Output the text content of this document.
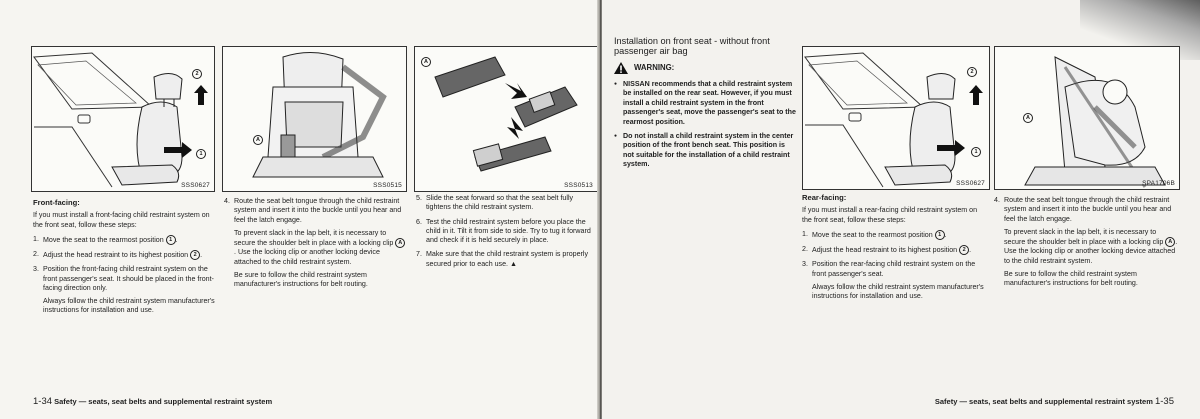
2
1
SSS0627
A
SSS0515
A
SSS0513
Front-facing:

If you must install a front-facing child restraint system on the front seat, follow these steps:

1. Move the seat to the rearmost position 1 .
2. Adjust the head restraint to its highest position 2 .
3. Position the front-facing child restraint system on the front passenger's seat. It should be placed in the front-facing direction only.

Always follow the child restraint system manufacturer's instructions for installation and use.

4. Route the seat belt tongue through the child restraint system and insert it into the buckle until you hear and feel the latch engage.

To prevent slack in the lap belt, it is necessary to secure the shoulder belt in place with a locking clip A. Use the locking clip or another locking device attached to the child restraint system.

Be sure to follow the child restraint system manufacturer's instructions for belt routing.

5. Slide the seat forward so that the seat belt fully tightens the child restraint system.
6. Test the child restraint system before you place the child in it. Tilt it from side to side. Try to tug it forward and check if it is held securely in place.
7. Make sure that the child restraint system is properly secured prior to each use. ▲
1-34 Safety — seats, seat belts and supplemental restraint system
Installation on front seat - without front passenger air bag
WARNING:
● NISSAN recommends that a child restraint system be installed on the rear seat. However, if you must install a child restraint system in the front passenger's seat, move the passenger's seat to the rearmost position.
● Do not install a child restraint system in the center position of the front bench seat. This position is not suitable for the installation of a child restraint system.
2
1
SSS0627
A
SPA1706B
Rear-facing:

If you must install a rear-facing child restraint system on the front seat, follow these steps:

1. Move the seat to the rearmost position 1 .
2. Adjust the head restraint to its highest position 2 .
3. Position the rear-facing child restraint system on the front passenger's seat.

Always follow the child restraint system manufacturer's instructions for installation and use.

4. Route the seat belt tongue through the child restraint system and insert it into the buckle until you hear and feel the latch engage.

To prevent slack in the lap belt, it is necessary to secure the shoulder belt in place with a locking clip A . Use the locking clip or another locking device attached to the child restraint system.

Be sure to follow the child restraint system manufacturer's instructions for belt routing.

Safety — seats, seat belts and supplemental restraint system 1-35
